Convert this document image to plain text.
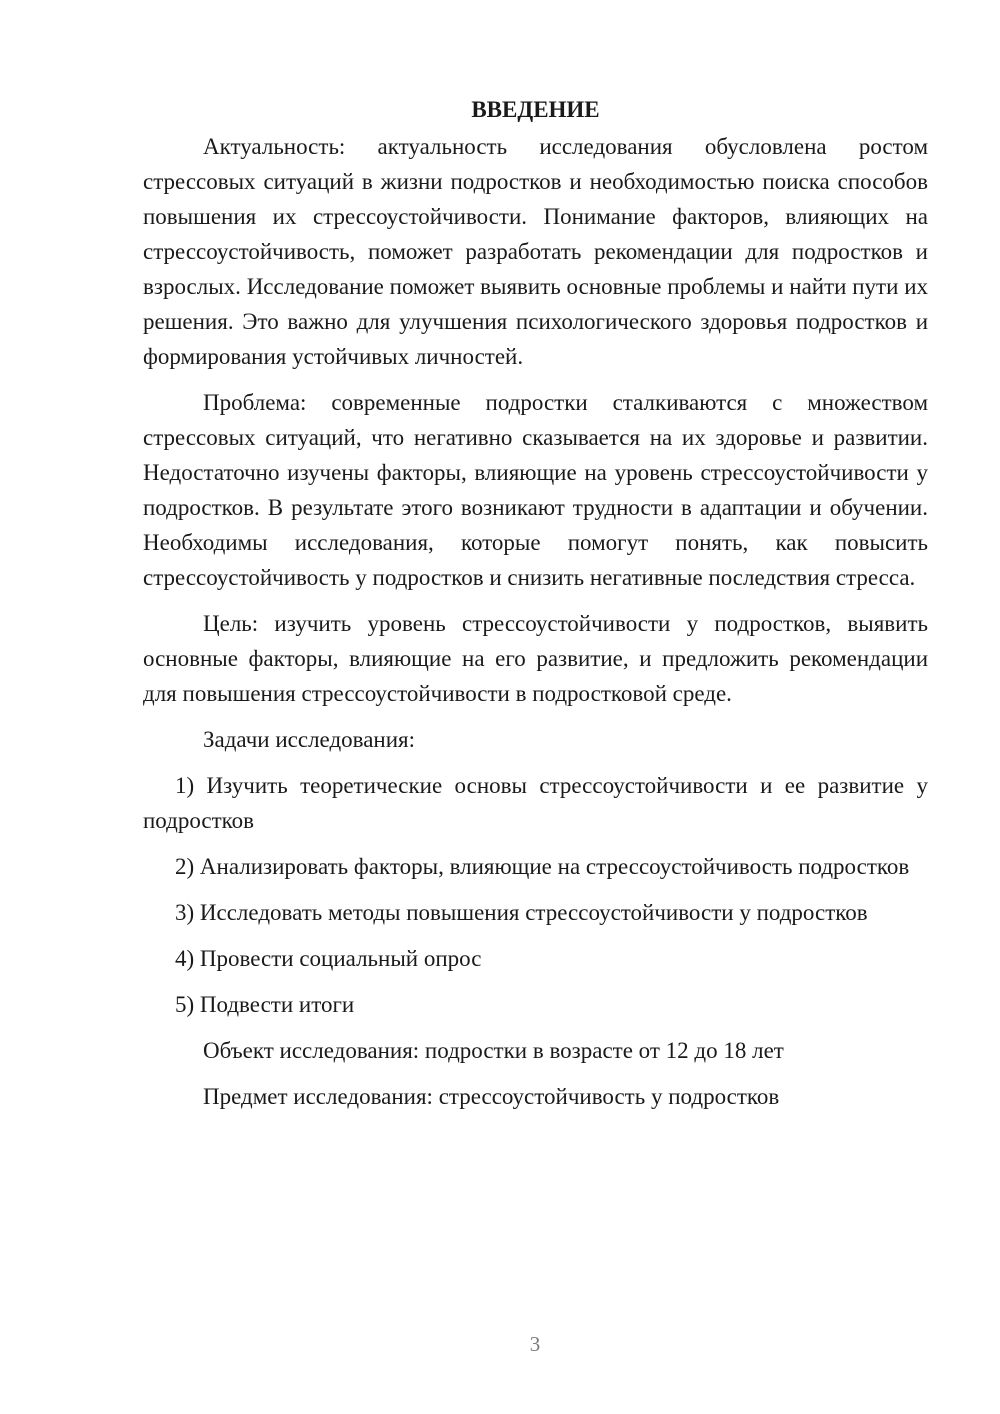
ВВЕДЕНИЕ

Актуальность: актуальность исследования обусловлена ростом стрессовых ситуаций в жизни подростков и необходимостью поиска способов повышения их стрессоустойчивости. Понимание факторов, влияющих на стрессоустойчивость, поможет разработать рекомендации для подростков и взрослых. Исследование поможет выявить основные проблемы и найти пути их решения. Это важно для улучшения психологического здоровья подростков и формирования устойчивых личностей.

Проблема: современные подростки сталкиваются с множеством стрессовых ситуаций, что негативно сказывается на их здоровье и развитии. Недостаточно изучены факторы, влияющие на уровень стрессоустойчивости у подростков. В результате этого возникают трудности в адаптации и обучении. Необходимы исследования, которые помогут понять, как повысить стрессоустойчивость у подростков и снизить негативные последствия стресса.

Цель: изучить уровень стрессоустойчивости у подростков, выявить основные факторы, влияющие на его развитие, и предложить рекомендации для повышения стрессоустойчивости в подростковой среде.

Задачи исследования:

1) Изучить теоретические основы стрессоустойчивости и ее развитие у подростков

2) Анализировать факторы, влияющие на стрессоустойчивость подростков

3) Исследовать методы повышения стрессоустойчивости у подростков

4) Провести социальный опрос

5) Подвести итоги

Объект исследования: подростки в возрасте от 12 до 18 лет

Предмет исследования: стрессоустойчивость у подростков

3
